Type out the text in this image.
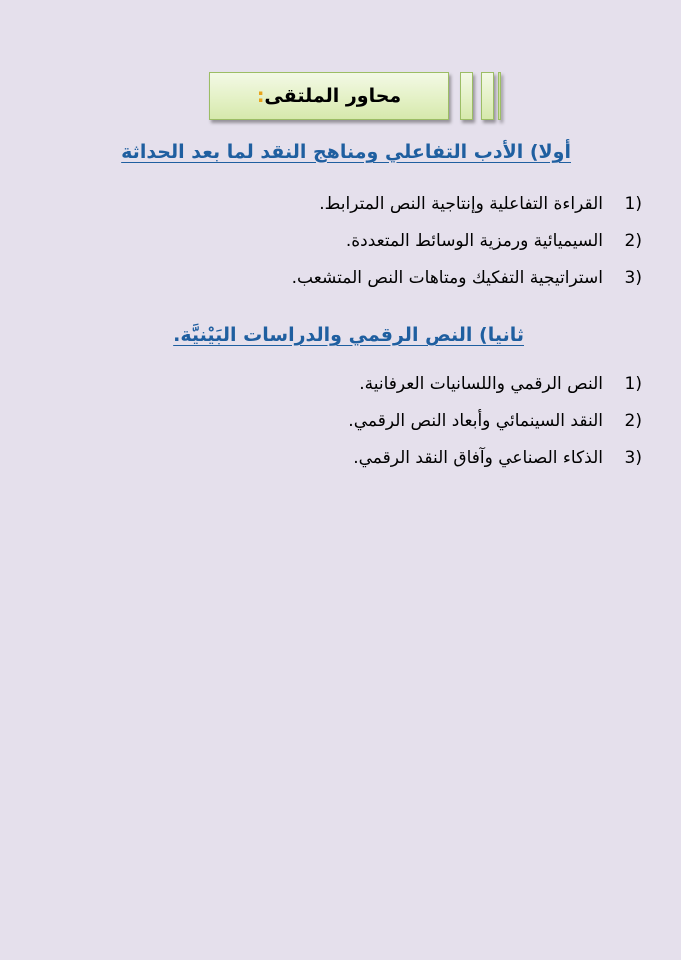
محاور الملتقى:
أولا) الأدب التفاعلي ومناهج النقد لما بعد الحداثة
1)
القراءة التفاعلية وإنتاجية النص المترابط.
2)
السيميائية ورمزية الوسائط المتعددة.
3)
استراتيجية التفكيك ومتاهات النص المتشعب.
ثانيا) النص الرقمي والدراسات البَيْنيَّة.
1)
النص الرقمي واللسانيات العرفانية.
2)
النقد السينمائي وأبعاد النص الرقمي.
3)
الذكاء الصناعي وآفاق النقد الرقمي.
